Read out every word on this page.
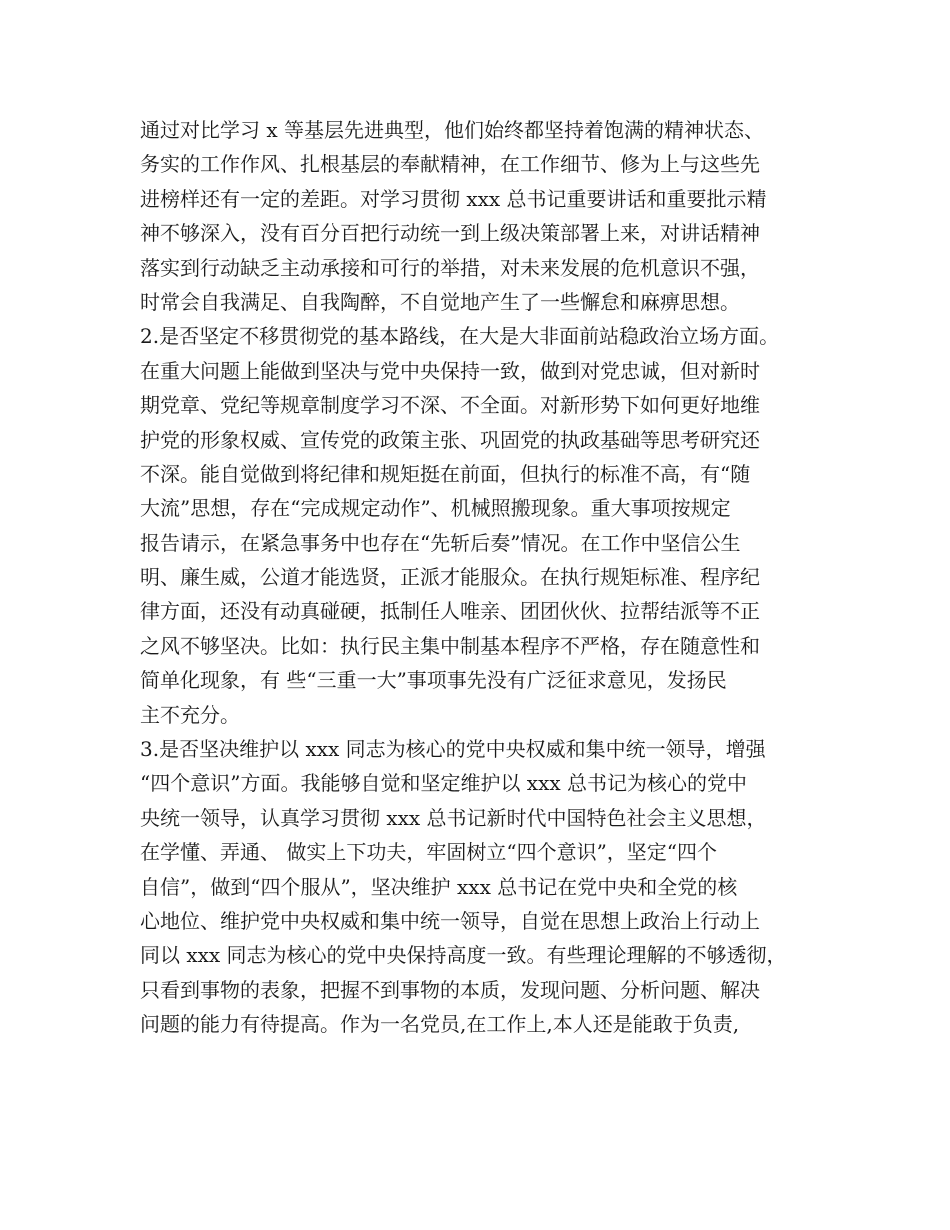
通过对比学习 x 等基层先进典型，他们始终都坚持着饱满的精神状态、
务实的工作作风、扎根基层的奉献精神，在工作细节、修为上与这些先
进榜样还有一定的差距。对学习贯彻 xxx 总书记重要讲话和重要批示精
神不够深入，没有百分百把行动统一到上级决策部署上来，对讲话精神
落实到行动缺乏主动承接和可行的举措，对未来发展的危机意识不强，
时常会自我满足、自我陶醉，不自觉地产生了一些懈怠和麻痹思想。
2.是否坚定不移贯彻党的基本路线，在大是大非面前站稳政治立场方面。
在重大问题上能做到坚决与党中央保持一致，做到对党忠诚，但对新时
期党章、党纪等规章制度学习不深、不全面。对新形势下如何更好地维
护党的形象权威、宣传党的政策主张、巩固党的执政基础等思考研究还
不深。能自觉做到将纪律和规矩挺在前面，但执行的标准不高，有“随
大流”思想，存在“完成规定动作”、机械照搬现象。重大事项按规定
报告请示，在紧急事务中也存在“先斩后奏”情况。在工作中坚信公生
明、廉生威，公道才能选贤，正派才能服众。在执行规矩标准、程序纪
律方面，还没有动真碰硬，抵制任人唯亲、团团伙伙、拉帮结派等不正
之风不够坚决。比如：执行民主集中制基本程序不严格，存在随意性和
简单化现象，有 些“三重一大”事项事先没有广泛征求意见，发扬民
主不充分。
3.是否坚决维护以 xxx 同志为核心的党中央权威和集中统一领导，增强
“四个意识”方面。我能够自觉和坚定维护以 xxx 总书记为核心的党中
央统一领导，认真学习贯彻 xxx 总书记新时代中国特色社会主义思想，
在学懂、弄通、 做实上下功夫，牢固树立“四个意识”，坚定“四个
自信”，做到“四个服从”，坚决维护 xxx 总书记在党中央和全党的核
心地位、维护党中央权威和集中统一领导，自觉在思想上政治上行动上
同以 xxx 同志为核心的党中央保持高度一致。有些理论理解的不够透彻，
只看到事物的表象，把握不到事物的本质，发现问题、分析问题、解决
问题的能力有待提高。作为一名党员,在工作上,本人还是能敢于负责,
